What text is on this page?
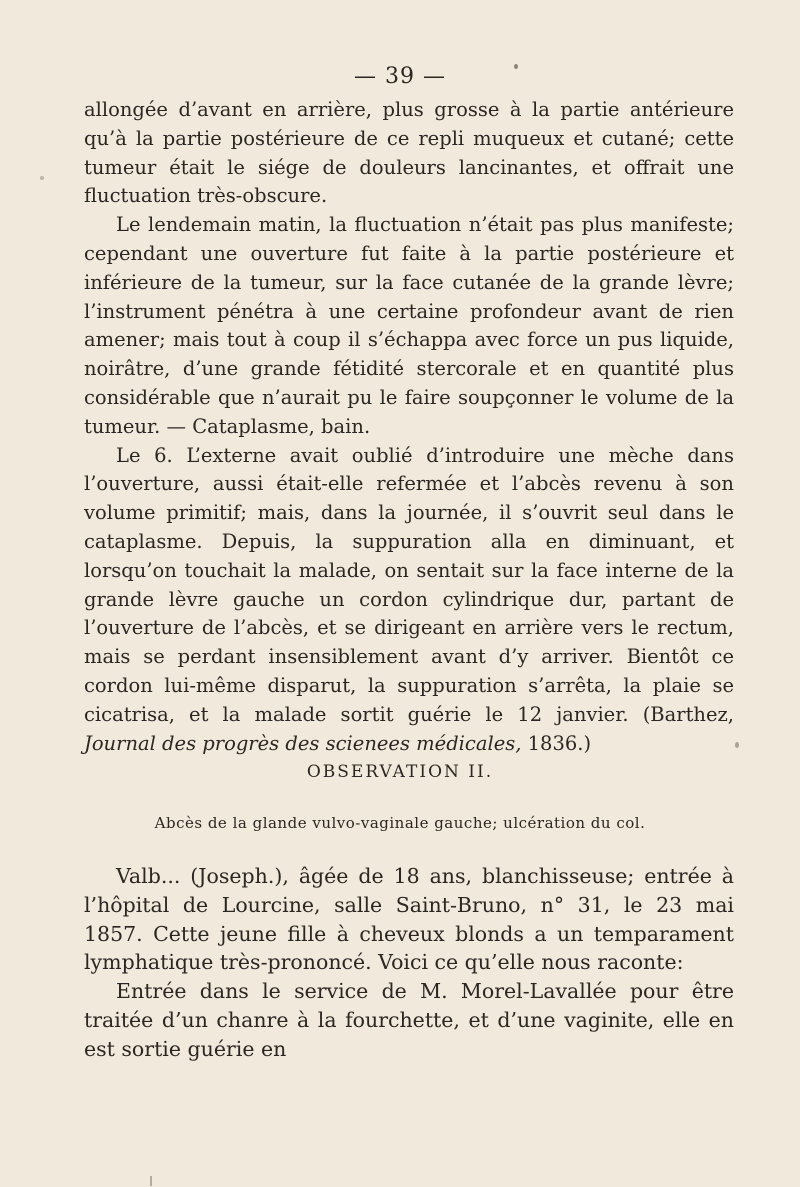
— 39 —

allongée d’avant en arrière, plus grosse à la partie antérieure qu’à la partie postérieure de ce repli muqueux et cutané; cette tumeur était le siége de douleurs lancinantes, et offrait une fluctuation très-obscure.

Le lendemain matin, la fluctuation n’était pas plus manifeste; cependant une ouverture fut faite à la partie postérieure et inférieure de la tumeur, sur la face cutanée de la grande lèvre; l’instrument pénétra à une certaine profondeur avant de rien amener; mais tout à coup il s’échappa avec force un pus liquide, noirâtre, d’une grande fétidité stercorale et en quantité plus considérable que n’aurait pu le faire soupçonner le volume de la tumeur. — Cataplasme, bain.

Le 6. L’externe avait oublié d’introduire une mèche dans l’ouverture, aussi était-elle refermée et l’abcès revenu à son volume primitif; mais, dans la journée, il s’ouvrit seul dans le cataplasme. Depuis, la suppuration alla en diminuant, et lorsqu’on touchait la malade, on sentait sur la face interne de la grande lèvre gauche un cordon cylindrique dur, partant de l’ouverture de l’abcès, et se dirigeant en arrière vers le rectum, mais se perdant insensiblement avant d’y arriver. Bientôt ce cordon lui-même disparut, la suppuration s’arrêta, la plaie se cicatrisa, et la malade sortit guérie le 12 janvier. (Barthez, Journal des progrès des scienees médicales, 1836.)

OBSERVATION II.
Abcès de la glande vulvo-vaginale gauche; ulcération du col.

Valb... (Joseph.), âgée de 18 ans, blanchisseuse; entrée à l’hôpital de Lourcine, salle Saint-Bruno, n° 31, le 23 mai 1857. Cette jeune fille à cheveux blonds a un temparament lymphatique très-prononcé. Voici ce qu’elle nous raconte:

Entrée dans le service de M. Morel-Lavallée pour être traitée d’un chanre à la fourchette, et d’une vaginite, elle en est sortie guérie en
